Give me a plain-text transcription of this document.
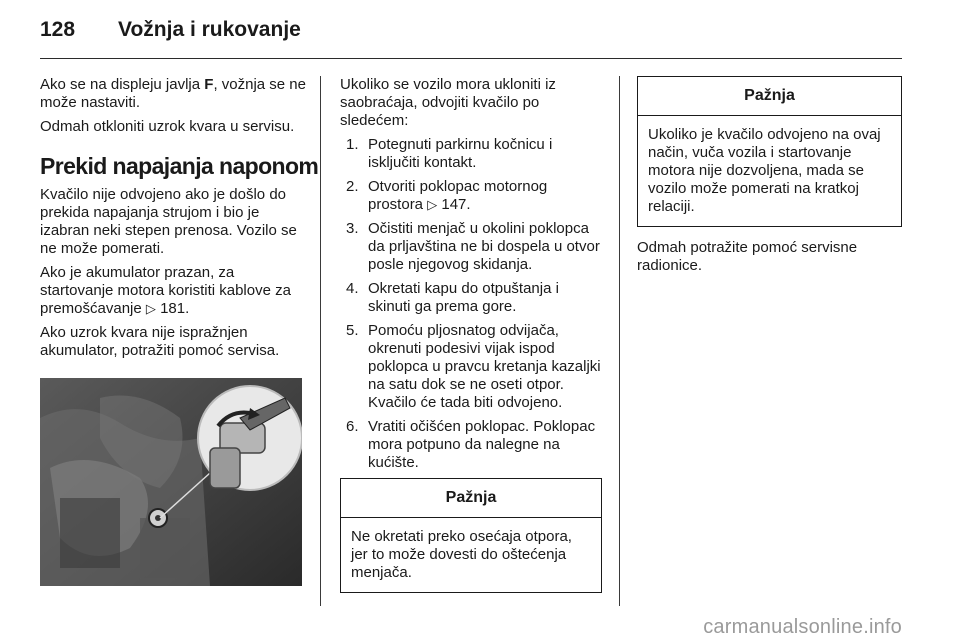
128	Vožnja i rukovanje

Ako se na displeju javlja F, vožnja se ne može nastaviti.

Odmah otkloniti uzrok kvara u servisu.

Prekid napajanja naponom

Kvačilo nije odvojeno ako je došlo do prekida napajanja strujom i bio je izabran neki stepen prenosa. Vozilo se ne može pomerati.

Ako je akumulator prazan, za startovanje motora koristiti kablove za premošćavanje ▷ 181.

Ako uzrok kvara nije ispražnjen akumulator, potražiti pomoć servisa.

Ukoliko se vozilo mora ukloniti iz saobraćaja, odvojiti kvačilo po sledećem:

1. Potegnuti parkirnu kočnicu i isključiti kontakt.
2. Otvoriti poklopac motornog prostora ▷ 147.
3. Očistiti menjač u okolini poklopca da prljavština ne bi dospela u otvor posle njegovog skidanja.
4. Okretati kapu do otpuštanja i skinuti ga prema gore.
5. Pomoću pljosnatog odvijača, okrenuti podesivi vijak ispod poklopca u pravcu kretanja kazaljki na satu dok se ne oseti otpor. Kvačilo će tada biti odvojeno.
6. Vratiti očišćen poklopac. Poklopac mora potpuno da nalegne na kućište.
Pažnja
Ne okretati preko osećaja otpora, jer to može dovesti do oštećenja menjača.
Pažnja
Ukoliko je kvačilo odvojeno na ovaj način, vuča vozila i startovanje motora nije dozvoljena, mada se vozilo može pomerati na kratkoj relaciji.

Odmah potražite pomoć servisne radionice.

carmanualsonline.info
